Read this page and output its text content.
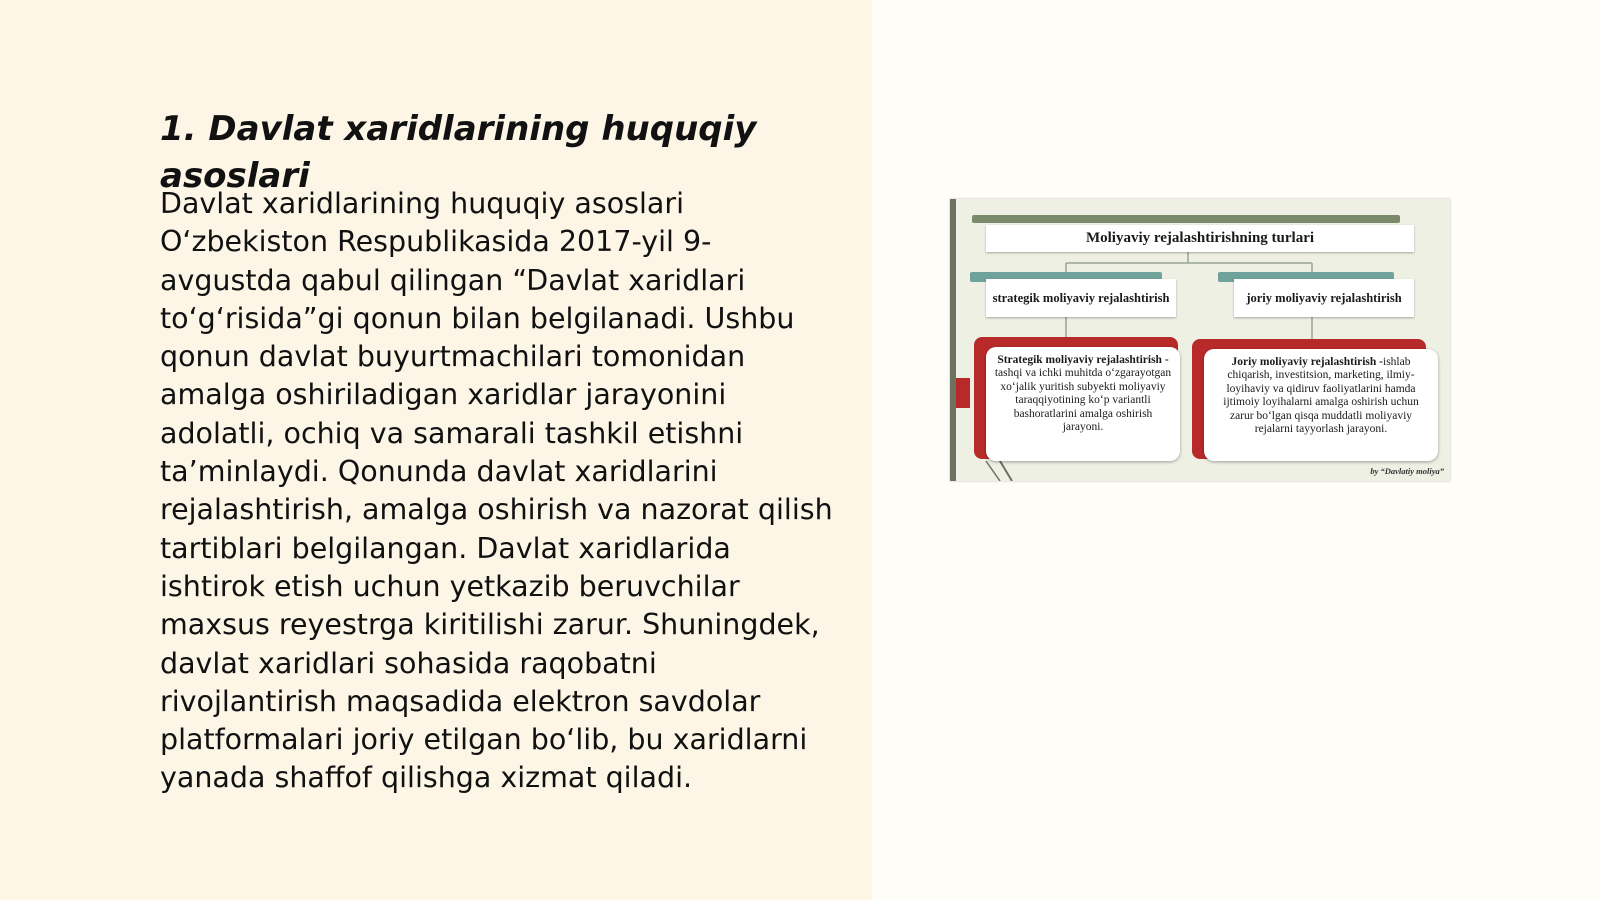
1. Davlat xaridlarining huquqiy asoslari

Davlat xaridlarining huquqiy asoslari O‘zbekiston Respublikasida 2017-yil 9-avgustda qabul qilingan “Davlat xaridlari to‘g‘risida”gi qonun bilan belgilanadi. Ushbu qonun davlat buyurtmachilari tomonidan amalga oshiriladigan xaridlar jarayonini adolatli, ochiq va samarali tashkil etishni ta’minlaydi. Qonunda davlat xaridlarini rejalashtirish, amalga oshirish va nazorat qilish tartiblari belgilangan. Davlat xaridlarida ishtirok etish uchun yetkazib beruvchilar maxsus reyestrga kiritilishi zarur. Shuningdek, davlat xaridlari sohasida raqobatni rivojlantirish maqsadida elektron savdolar platformalari joriy etilgan bo‘lib, bu xaridlarni yanada shaffof qilishga xizmat qiladi.

Moliyaviy rejalashtirishning turlari
strategik moliyaviy rejalashtirish	joriy moliyaviy rejalashtirish
Strategik moliyaviy rejalashtirish - tashqi va ichki muhitda o‘zgarayotgan xo‘jalik yuritish subyekti moliyaviy taraqqiyotining ko‘p variantli bashoratlarini amalga oshirish jarayoni.
Joriy moliyaviy rejalashtirish -ishlab chiqarish, investitsion, marketing, ilmiy-loyihaviy va qidiruv faoliyatlarini hamda ijtimoiy loyihalarni amalga oshirish uchun zarur bo‘lgan qisqa muddatli moliyaviy rejalarni tayyorlash jarayoni.
by “Davlatiy moliya”
